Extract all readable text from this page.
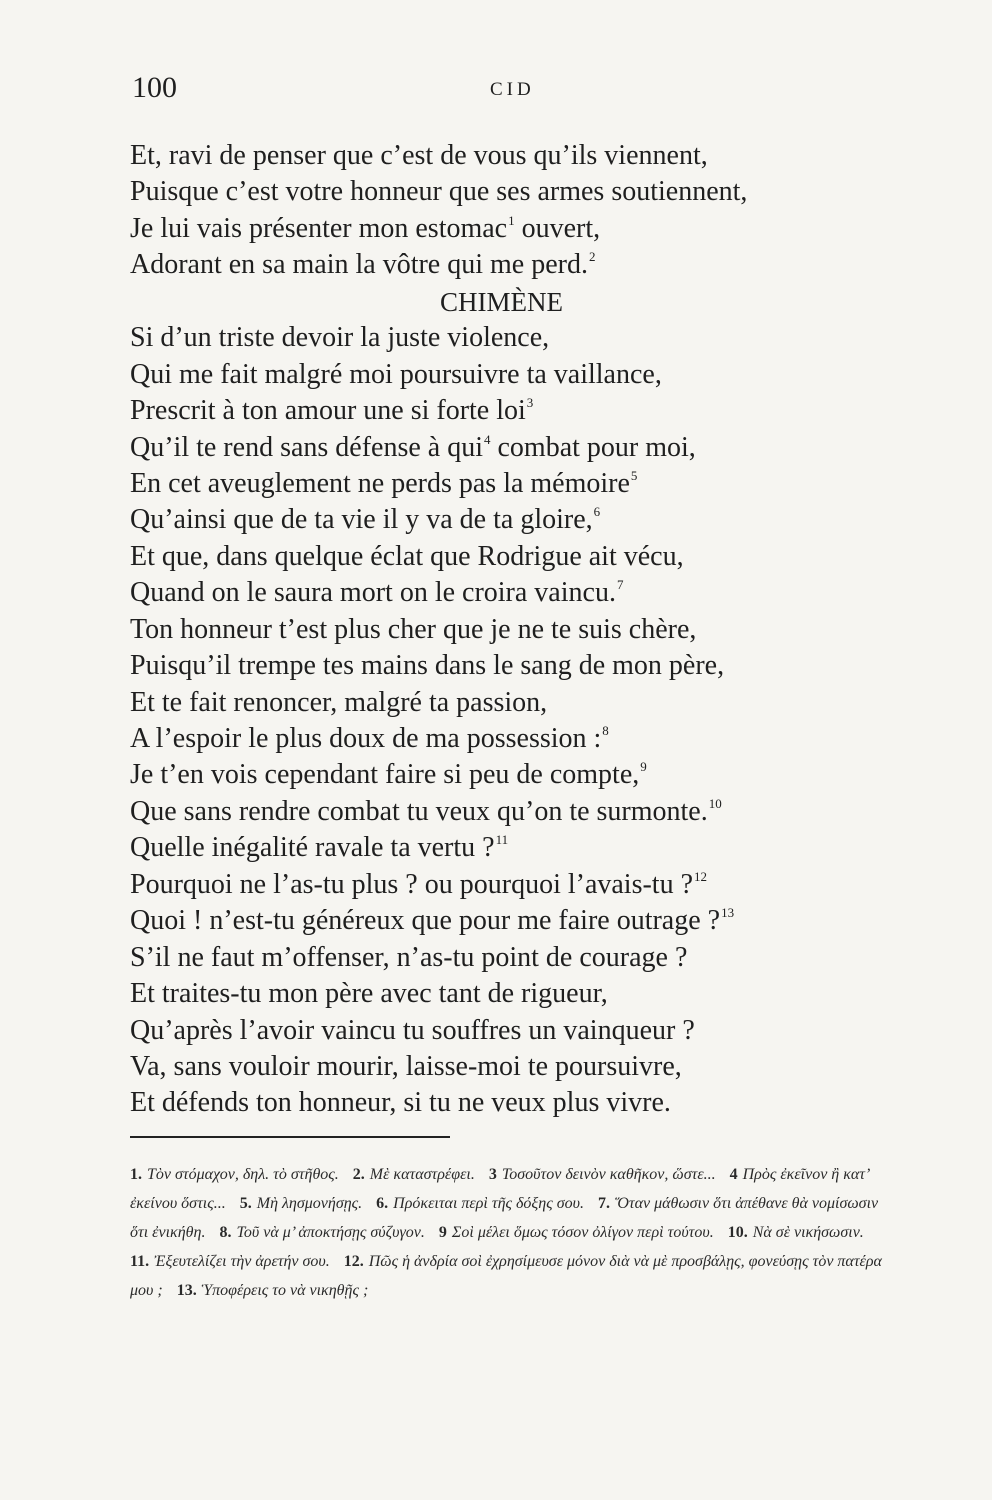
100	CID
Et, ravi de penser que c’est de vous qu’ils viennent,
Puisque c’est votre honneur que ses armes soutiennent,
Je lui vais présenter mon estomac$^1$ ouvert,
Adorant en sa main la vôtre qui me perd.$^2$
CHIMÈNE
Si d’un triste devoir la juste violence,
Qui me fait malgré moi poursuivre ta vaillance,
Prescrit à ton amour une si forte loi$^3$
Qu’il te rend sans défense à qui$^4$ combat pour moi,
En cet aveuglement ne perds pas la mémoire$^5$
Qu’ainsi que de ta vie il y va de ta gloire,$^6$
Et que, dans quelque éclat que Rodrigue ait vécu,
Quand on le saura mort on le croira vaincu.$^7$
Ton honneur t’est plus cher que je ne te suis chère,
Puisqu’il trempe tes mains dans le sang de mon père,
Et te fait renoncer, malgré ta passion,
A l’espoir le plus doux de ma possession :$^8$
Je t’en vois cependant faire si peu de compte,$^9$
Que sans rendre combat tu veux qu’on te surmonte.$^{10}$
Quelle inégalité ravale ta vertu ?$^{11}$
Pourquoi ne l’as-tu plus ? ou pourquoi l’avais-tu ?$^{12}$
Quoi ! n’est-tu généreux que pour me faire outrage ?$^{13}$
S’il ne faut m’offenser, n’as-tu point de courage ?
Et traites-tu mon père avec tant de rigueur,
Qu’après l’avoir vaincu tu souffres un vainqueur ?
Va, sans vouloir mourir, laisse-moi te poursuivre,
Et défends ton honneur, si tu ne veux plus vivre.
1. Τὸν στόμαχον, δηλ. τὸ στῆθος. 2. Μὲ καταστρέφει. 3 Τοσοῦτον δεινὸν καθῆκον, ὥστε... 4 Πρὸς ἐκεῖνον ἢ κατ’ ἐκείνου ὅστις... 5. Μὴ λησμονήσῃς. 6. Πρόκειται περὶ τῆς δόξης σου. 7. Ὅταν μάθωσιν ὅτι ἀπέθανε θὰ νομίσωσιν ὅτι ἐνικήθη. 8. Τοῦ νὰ μ’ ἀποκτήσῃς σύζυγον. 9 Σοὶ μέλει ὅμως τόσον ὀλίγον περὶ τούτου. 10. Νὰ σὲ νικήσωσιν. 11. Ἐξευτελίζει τὴν ἀρετήν σου. 12. Πῶς ἡ ἀνδρία σοὶ ἐχρησίμευσε μόνον διὰ νὰ μὲ προσβάλῃς, φονεύσῃς τὸν πατέρα μου ; 13. Ὑποφέρεις το νὰ νικηθῇς ;
